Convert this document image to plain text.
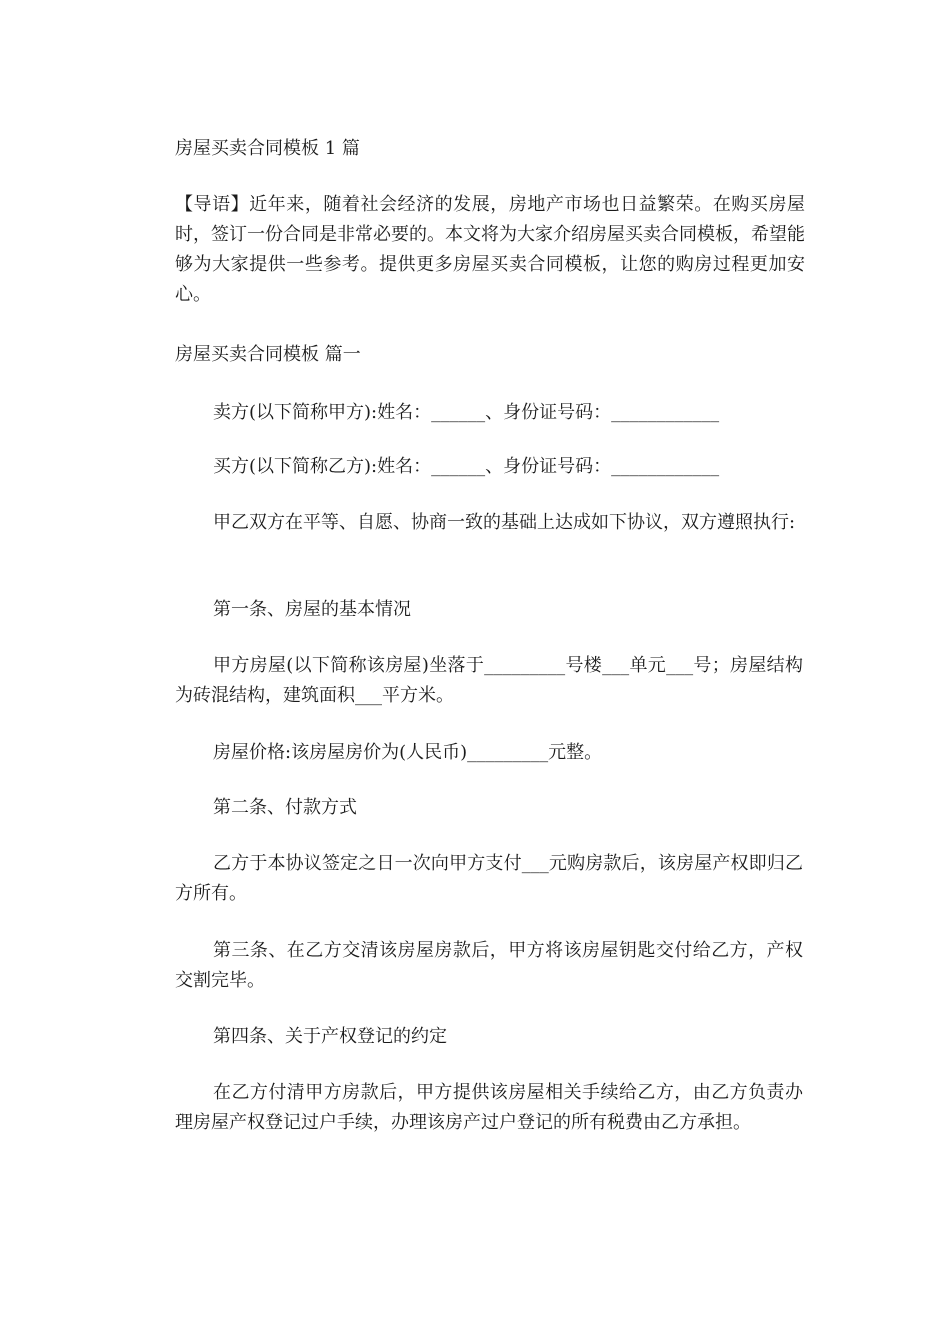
房屋买卖合同模板 1 篇

【导语】近年来，随着社会经济的发展，房地产市场也日益繁荣。在购买房屋时，签订一份合同是非常必要的。本文将为大家介绍房屋买卖合同模板，希望能够为大家提供一些参考。提供更多房屋买卖合同模板，让您的购房过程更加安心。

房屋买卖合同模板 篇一

卖方(以下简称甲方):姓名：______、身份证号码：____________

买方(以下简称乙方):姓名：______、身份证号码：____________

甲乙双方在平等、自愿、协商一致的基础上达成如下协议，双方遵照执行:

第一条、房屋的基本情况

甲方房屋(以下简称该房屋)坐落于_________号楼___单元___号；房屋结构为砖混结构，建筑面积___平方米。

房屋价格:该房屋房价为(人民币)_________元整。

第二条、付款方式

乙方于本协议签定之日一次向甲方支付___元购房款后，该房屋产权即归乙方所有。

第三条、在乙方交清该房屋房款后，甲方将该房屋钥匙交付给乙方，产权交割完毕。

第四条、关于产权登记的约定

在乙方付清甲方房款后，甲方提供该房屋相关手续给乙方，由乙方负责办理房屋产权登记过户手续，办理该房产过户登记的所有税费由乙方承担。
